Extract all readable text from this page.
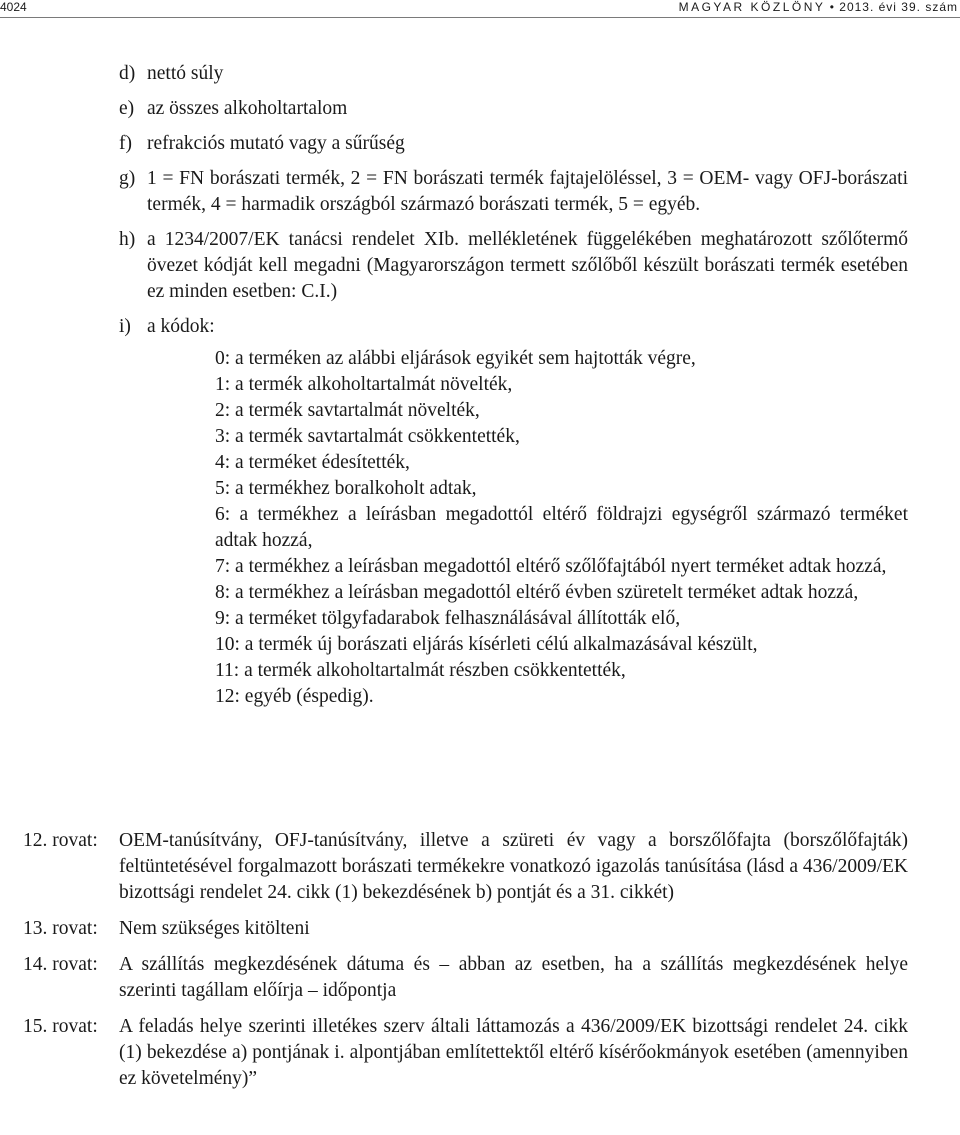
4024	MAGYAR KÖZLÖNY • 2013. évi 39. szám
d) nettó súly
e) az összes alkoholtartalom
f) refrakciós mutató vagy a sűrűség
g) 1 = FN borászati termék, 2 = FN borászati termék fajtajelöléssel, 3 = OEM- vagy OFJ-borászati termék, 4 = harmadik országból származó borászati termék, 5 = egyéb.
h) a 1234/2007/EK tanácsi rendelet XIb. mellékletének függelékében meghatározott szőlőtermő övezet kódját kell megadni (Magyarországon termett szőlőből készült borászati termék esetében ez minden esetben: C.I.)
i) a kódok:
0: a terméken az alábbi eljárások egyikét sem hajtották végre,
1: a termék alkoholtartalmát növelték,
2: a termék savtartalmát növelték,
3: a termék savtartalmát csökkentették,
4: a terméket édesítették,
5: a termékhez boralkoholt adtak,
6: a termékhez a leírásban megadottól eltérő földrajzi egységről származó terméket adtak hozzá,
7: a termékhez a leírásban megadottól eltérő szőlőfajtából nyert terméket adtak hozzá,
8: a termékhez a leírásban megadottól eltérő évben szüretelt terméket adtak hozzá,
9: a terméket tölgyfadarabok felhasználásával állították elő,
10: a termék új borászati eljárás kísérleti célú alkalmazásával készült,
11: a termék alkoholtartalmát részben csökkentették,
12: egyéb (éspedig).
12. rovat:	OEM-tanúsítvány, OFJ-tanúsítvány, illetve a szüreti év vagy a borszőlőfajta (borszőlőfajták) feltüntetésével forgalmazott borászati termékekre vonatkozó igazolás tanúsítása (lásd a 436/2009/EK bizottsági rendelet 24. cikk (1) bekezdésének b) pontját és a 31. cikkét)
13. rovat:	Nem szükséges kitölteni
14. rovat:	A szállítás megkezdésének dátuma és – abban az esetben, ha a szállítás megkezdésének helye szerinti tagállam előírja – időpontja
15. rovat:	A feladás helye szerinti illetékes szerv általi láttamozás a 436/2009/EK bizottsági rendelet 24. cikk (1) bekezdése a) pontjának i. alpontjában említettektől eltérő kísérőokmányok esetében (amennyiben ez követelmény)”
